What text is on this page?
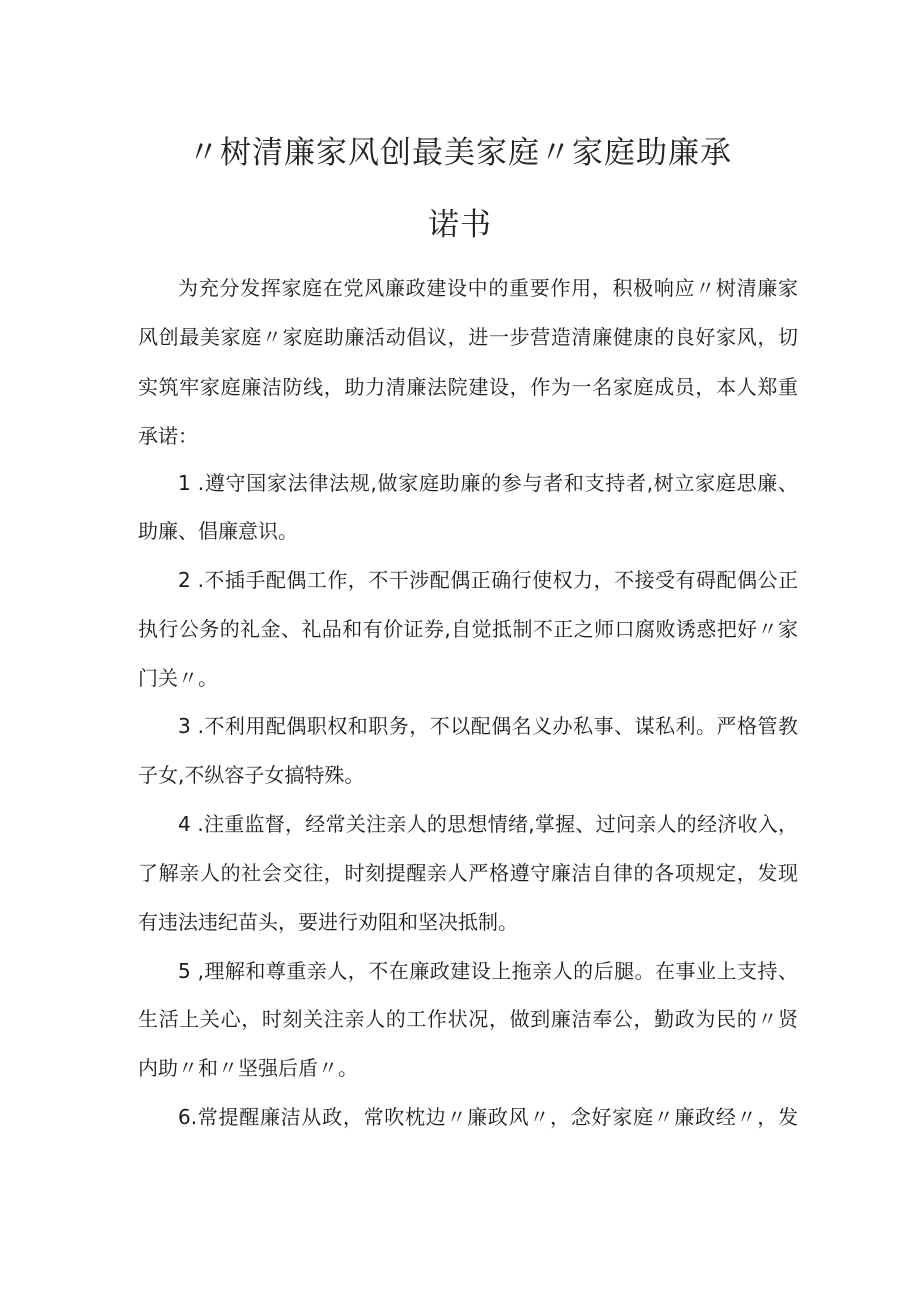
〃树清廉家风创最美家庭〃家庭助廉承
诺书
为充分发挥家庭在党风廉政建设中的重要作用，积极响应〃树清廉家
风创最美家庭〃家庭助廉活动倡议，进一步营造清廉健康的良好家风，切
实筑牢家庭廉洁防线，助力清廉法院建设，作为一名家庭成员，本人郑重
承诺：
1 .遵守国家法律法规,做家庭助廉的参与者和支持者,树立家庭思廉、
助廉、倡廉意识。
2 .不插手配偶工作，不干涉配偶正确行使权力，不接受有碍配偶公正
执行公务的礼金、礼品和有价证券,自觉抵制不正之师口腐败诱惑把好〃家
门关〃。
3 .不利用配偶职权和职务，不以配偶名义办私事、谋私利。严格管教
子女,不纵容子女搞特殊。
4 .注重监督，经常关注亲人的思想情绪,掌握、过问亲人的经济收入，
了解亲人的社会交往，时刻提醒亲人严格遵守廉洁自律的各项规定，发现
有违法违纪苗头，要进行劝阻和坚决抵制。
5 ,理解和尊重亲人，不在廉政建设上拖亲人的后腿。在事业上支持、
生活上关心，时刻关注亲人的工作状况，做到廉洁奉公，勤政为民的〃贤
内助〃和〃坚强后盾〃。
6.常提醒廉洁从政，常吹枕边〃廉政风〃，念好家庭〃廉政经〃，发
